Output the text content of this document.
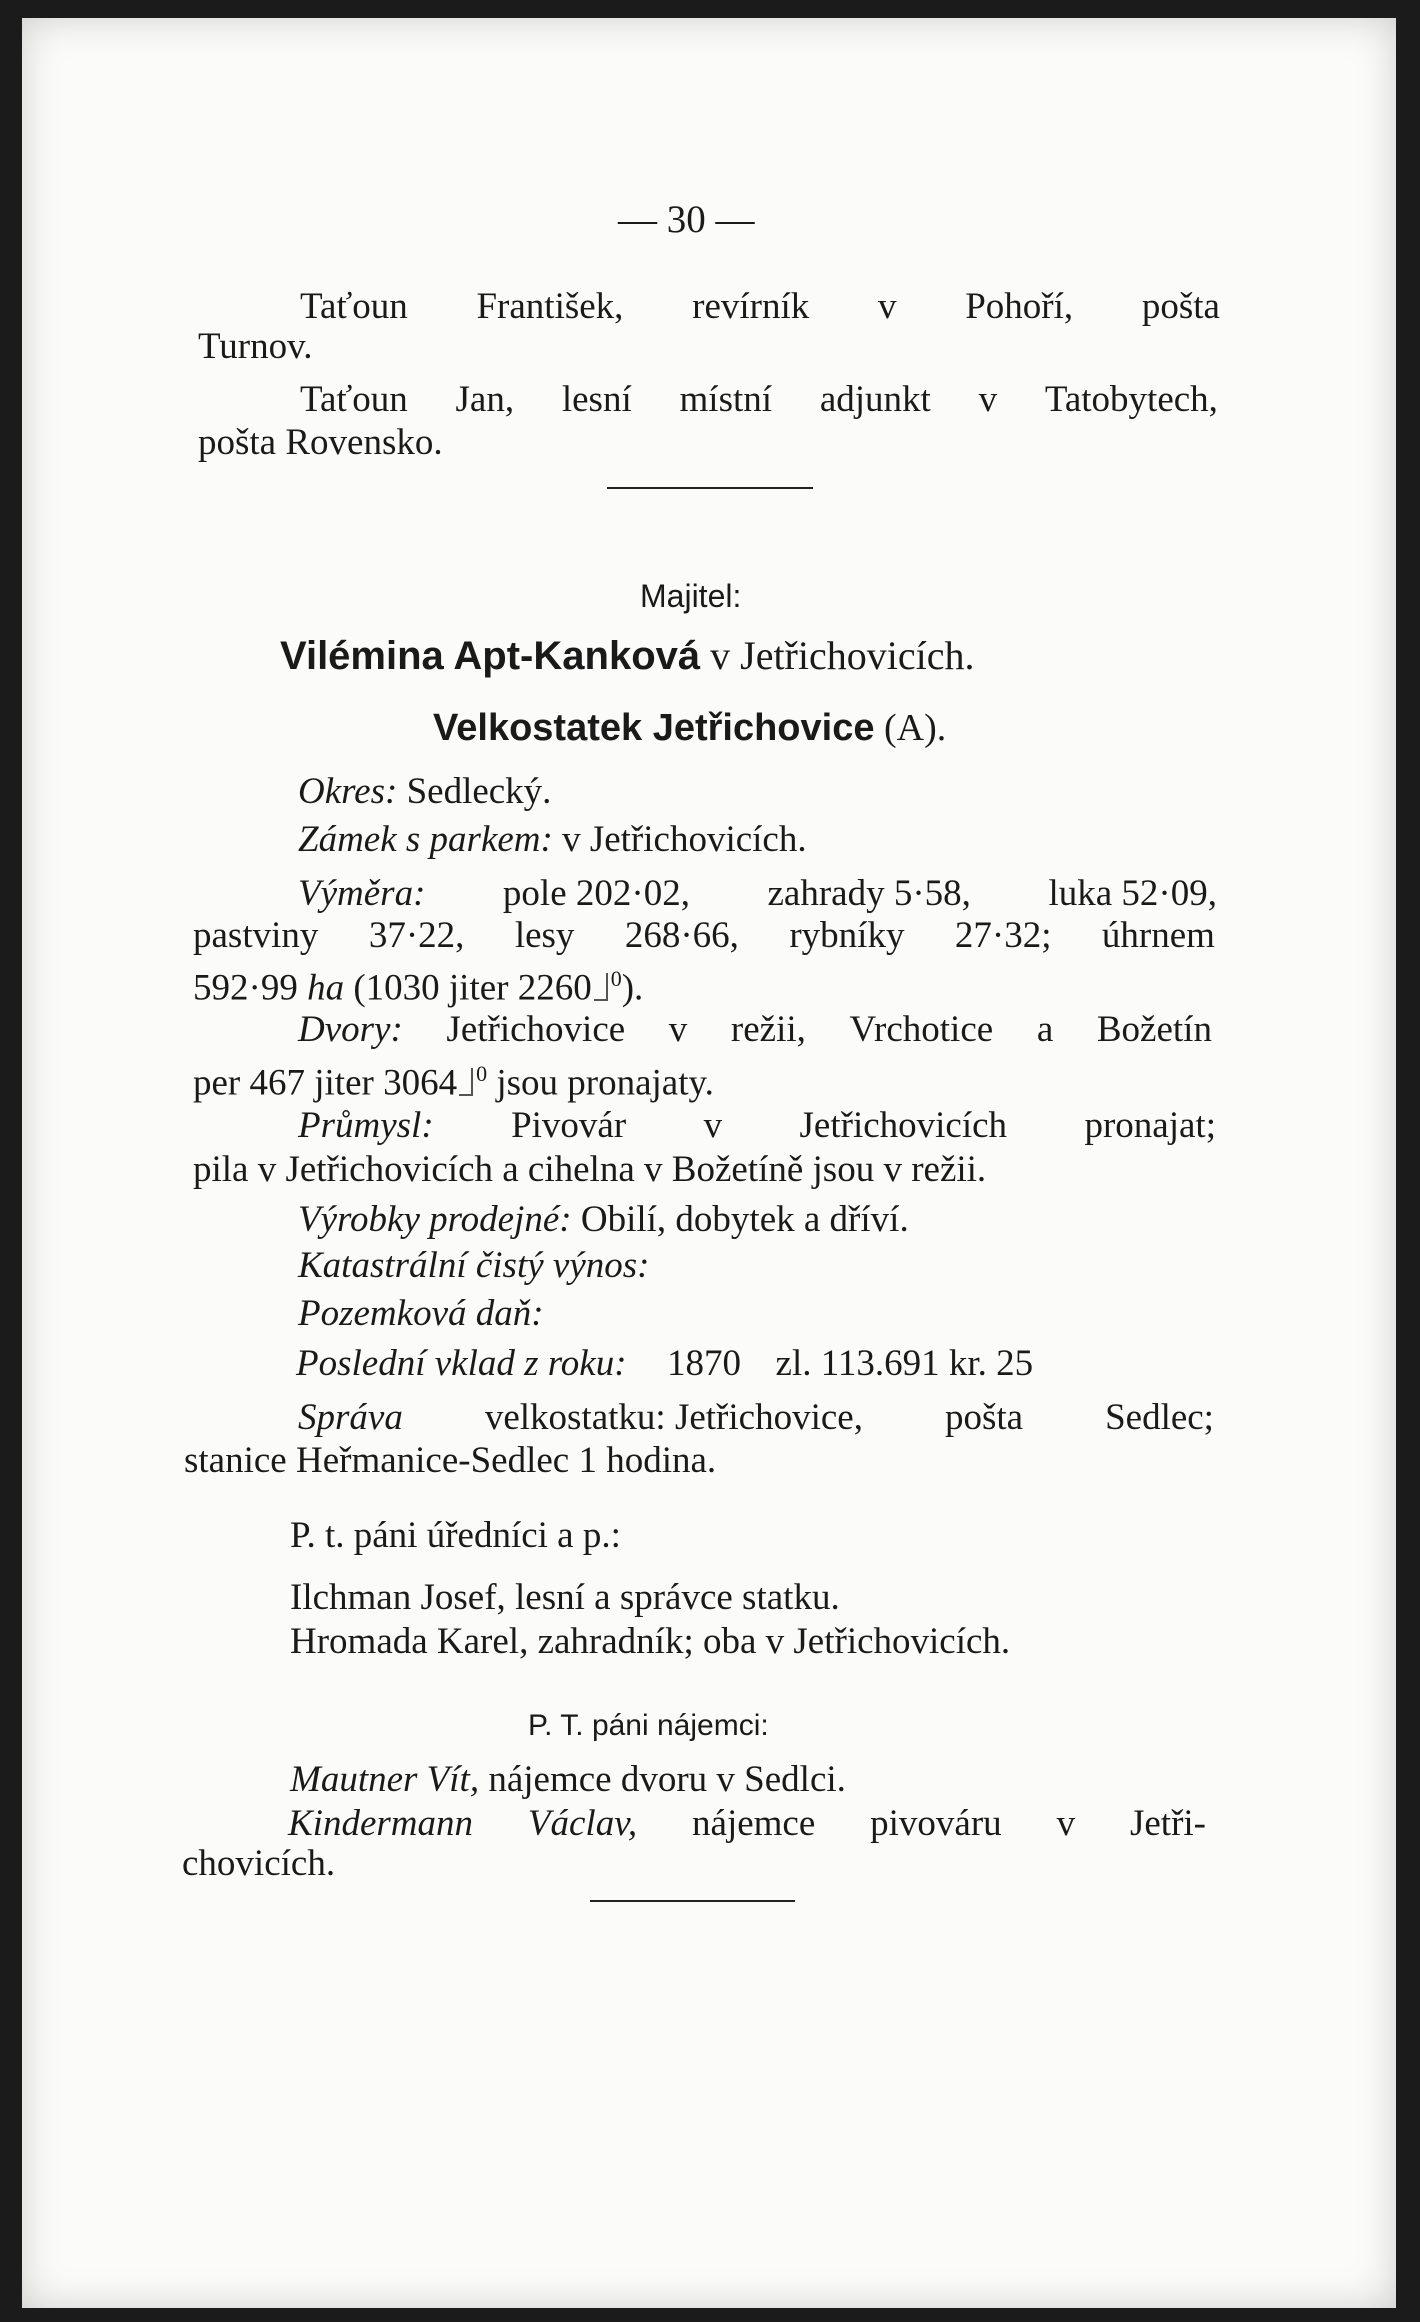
— 30 —
Taťoun František, revírník v Pohoří, pošta
Turnov.
Taťoun Jan, lesní místní adjunkt v Tatobytech,
pošta Rovensko.
Majitel:
Vilémina Apt-Kanková v Jetřichovicích.
Velkostatek Jetřichovice (A).
Okres: Sedlecký.
Zámek s parkem: v Jetřichovicích.
Výměra: pole 202·02, zahrady 5·58, luka 52·09,
pastviny 37·22, lesy 268·66, rybníky 27·32; úhrnem
592·99 ha (1030 jiter 2260 $^0$).
Dvory: Jetřichovice v režii, Vrchotice a Božetín
per 467 jiter 3064 $^0$ jsou pronajaty.
Průmysl: Pivovár v Jetřichovicích pronajat;
pila v Jetřichovicích a cihelna v Božetíně jsou v režii.
Výrobky prodejné: Obilí, dobytek a dříví.
Katastrální čistý výnos:
Pozemková daň:
Poslední vklad z roku: 1870 zl. 113.691 kr. 25
Správa velkostatku: Jetřichovice, pošta Sedlec;
stanice Heřmanice-Sedlec 1 hodina.
P. t. páni úředníci a p.:
Ilchman Josef, lesní a správce statku.
Hromada Karel, zahradník; oba v Jetřichovicích.
P. T. páni nájemci:
Mautner Vít, nájemce dvoru v Sedlci.
Kindermann Václav, nájemce pivováru v Jetři-
chovicích.
